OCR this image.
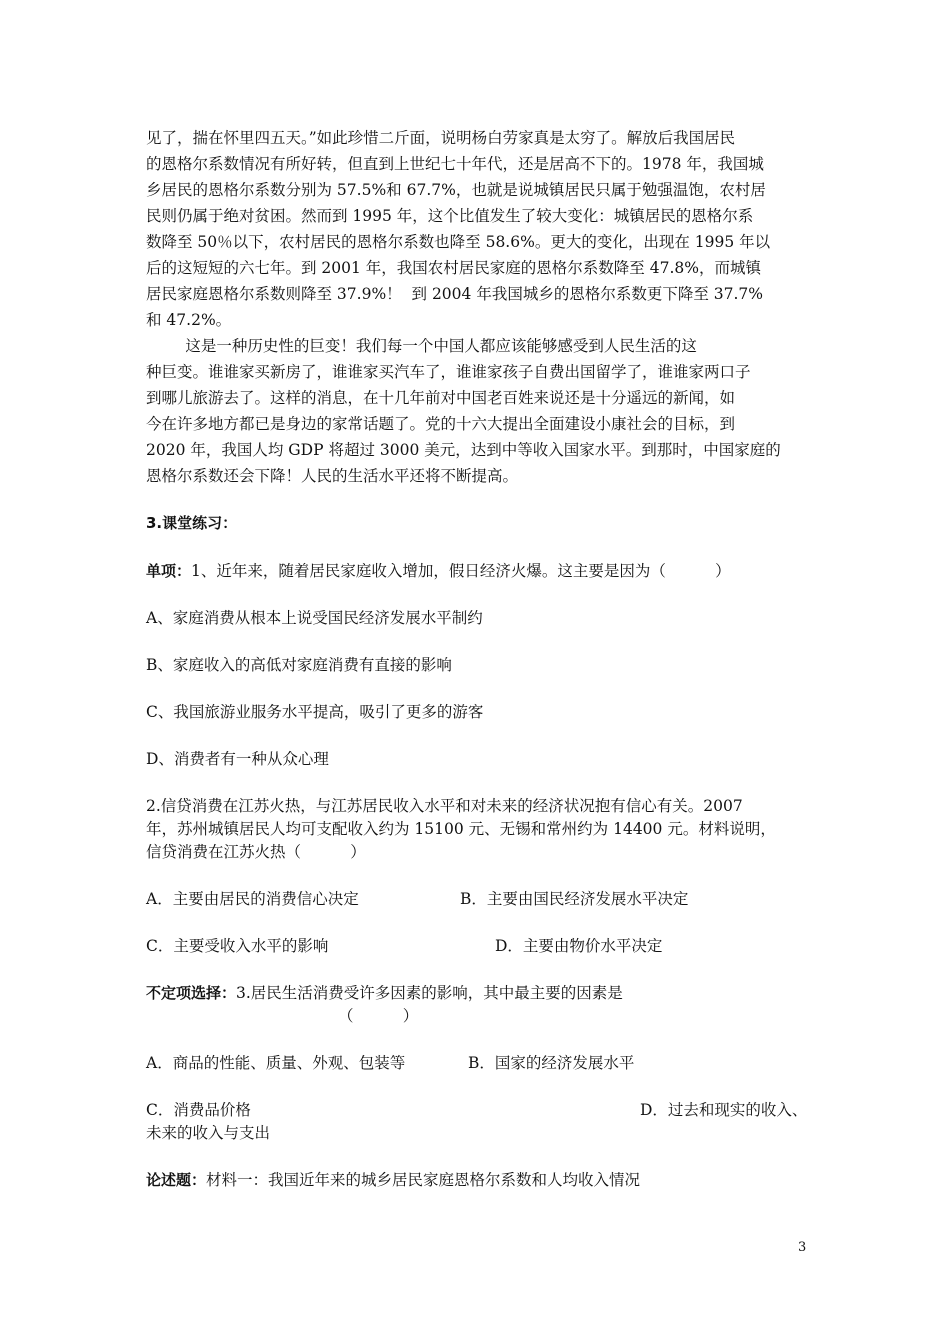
见了，揣在怀里四五天。”如此珍惜二斤面，说明杨白劳家真是太穷了。解放后我国居民
的恩格尔系数情况有所好转，但直到上世纪七十年代，还是居高不下的。1978 年，我国城
乡居民的恩格尔系数分别为 57.5%和 67.7%，也就是说城镇居民只属于勉强温饱，农村居
民则仍属于绝对贫困。然而到 1995 年，这个比值发生了较大变化：城镇居民的恩格尔系
数降至 50％以下，农村居民的恩格尔系数也降至 58.6%。更大的变化，出现在 1995 年以
后的这短短的六七年。到 2001 年，我国农村居民家庭的恩格尔系数降至 47.8%，而城镇
居民家庭恩格尔系数则降至 37.9%！  到 2004 年我国城乡的恩格尔系数更下降至 37.7%
和 47.2%。
这是一种历史性的巨变！我们每一个中国人都应该能够感受到人民生活的这
种巨变。谁谁家买新房了，谁谁家买汽车了，谁谁家孩子自费出国留学了，谁谁家两口子
到哪儿旅游去了。这样的消息，在十几年前对中国老百姓来说还是十分遥远的新闻，如
今在许多地方都已是身边的家常话题了。党的十六大提出全面建设小康社会的目标，到
2020 年，我国人均 GDP 将超过 3000 美元，达到中等收入国家水平。到那时，中国家庭的
恩格尔系数还会下降！人民的生活水平还将不断提高。
3.课堂练习：
单项：1、近年来，随着居民家庭收入增加，假日经济火爆。这主要是因为（          ）
A、家庭消费从根本上说受国民经济发展水平制约
B、家庭收入的高低对家庭消费有直接的影响
C、我国旅游业服务水平提高，吸引了更多的游客
D、消费者有一种从众心理
2.信贷消费在江苏火热，与江苏居民收入水平和对未来的经济状况抱有信心有关。2007
年，苏州城镇居民人均可支配收入约为 15100 元、无锡和常州约为 14400 元。材料说明，
信贷消费在江苏火热（          ）
A．主要由居民的消费信心决定	B．主要由国民经济发展水平决定
C．主要受收入水平的影响	D．主要由物价水平决定
不定项选择：3.居民生活消费受许多因素的影响，其中最主要的因素是
（          ）
A．商品的性能、质量、外观、包装等	B．国家的经济发展水平
C．消费品价格	D．过去和现实的收入、
未来的收入与支出
论述题：材料一：我国近年来的城乡居民家庭恩格尔系数和人均收入情况
3
